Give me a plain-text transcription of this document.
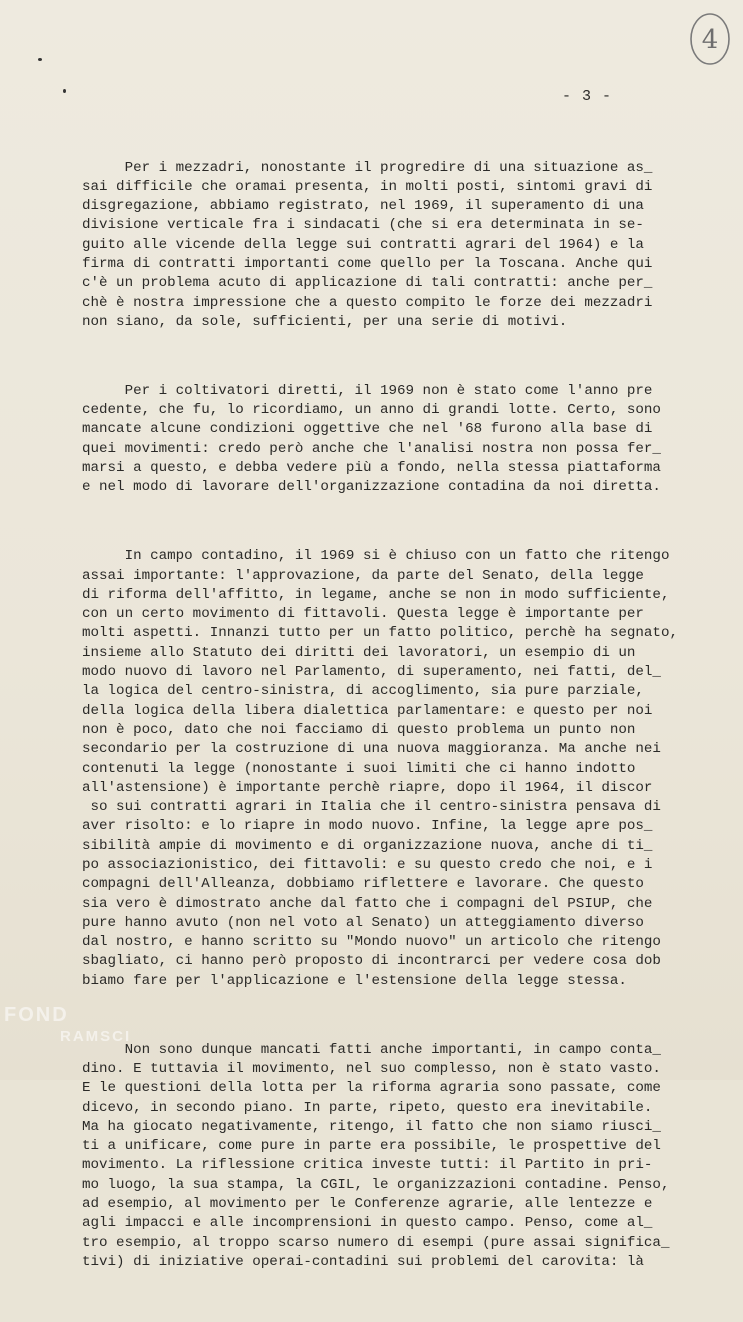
4
- 3 -

Per i mezzadri, nonostante il progredire di una situazione as_
sai difficile che oramai presenta, in molti posti, sintomi gravi di
disgregazione, abbiamo registrato, nel 1969, il superamento di una
divisione verticale fra i sindacati (che si era determinata in se-
guito alle vicende della legge sui contratti agrari del 1964) e la
firma di contratti importanti come quello per la Toscana. Anche qui
c'è un problema acuto di applicazione di tali contratti: anche per_
chè è nostra impressione che a questo compito le forze dei mezzadri
non siano, da sole, sufficienti, per una serie di motivi.

Per i coltivatori diretti, il 1969 non è stato come l'anno pre
cedente, che fu, lo ricordiamo, un anno di grandi lotte. Certo, sono
mancate alcune condizioni oggettive che nel '68 furono alla base di
quei movimenti: credo però anche che l'analisi nostra non possa fer_
marsi a questo, e debba vedere più a fondo, nella stessa piattaforma
e nel modo di lavorare dell'organizzazione contadina da noi diretta.

In campo contadino, il 1969 si è chiuso con un fatto che ritengo
assai importante: l'approvazione, da parte del Senato, della legge
di riforma dell'affitto, in legame, anche se non in modo sufficiente,
con un certo movimento di fittavoli. Questa legge è importante per
molti aspetti. Innanzi tutto per un fatto politico, perchè ha segnato,
insieme allo Statuto dei diritti dei lavoratori, un esempio di un
modo nuovo di lavoro nel Parlamento, di superamento, nei fatti, del_
la logica del centro-sinistra, di accoglimento, sia pure parziale,
della logica della libera dialettica parlamentare: e questo per noi
non è poco, dato che noi facciamo di questo problema un punto non
secondario per la costruzione di una nuova maggioranza. Ma anche nei
contenuti la legge (nonostante i suoi limiti che ci hanno indotto
all'astensione) è importante perchè riapre, dopo il 1964, il discor
so sui contratti agrari in Italia che il centro-sinistra pensava di
aver risolto: e lo riapre in modo nuovo. Infine, la legge apre pos_
sibilità ampie di movimento e di organizzazione nuova, anche di ti_
po associazionistico, dei fittavoli: e su questo credo che noi, e i
compagni dell'Alleanza, dobbiamo riflettere e lavorare. Che questo
sia vero è dimostrato anche dal fatto che i compagni del PSIUP, che
pure hanno avuto (non nel voto al Senato) un atteggiamento diverso
dal nostro, e hanno scritto su "Mondo nuovo" un articolo che ritengo
sbagliato, ci hanno però proposto di incontrarci per vedere cosa dob
biamo fare per l'applicazione e l'estensione della legge stessa.

Non sono dunque mancati fatti anche importanti, in campo conta_
dino. E tuttavia il movimento, nel suo complesso, non è stato vasto.
E le questioni della lotta per la riforma agraria sono passate, come
dicevo, in secondo piano. In parte, ripeto, questo era inevitabile.
Ma ha giocato negativamente, ritengo, il fatto che non siamo riusci_
ti a unificare, come pure in parte era possibile, le prospettive del
movimento. La riflessione critica investe tutti: il Partito in pri-
mo luogo, la sua stampa, la CGIL, le organizzazioni contadine. Penso,
ad esempio, al movimento per le Conferenze agrarie, alle lentezze e
agli impacci e alle incomprensioni in questo campo. Penso, come al_
tro esempio, al troppo scarso numero di esempi (pure assai significa_
tivi) di iniziative operai-contadini sui problemi del carovita: là

FOND
RAMSCI
